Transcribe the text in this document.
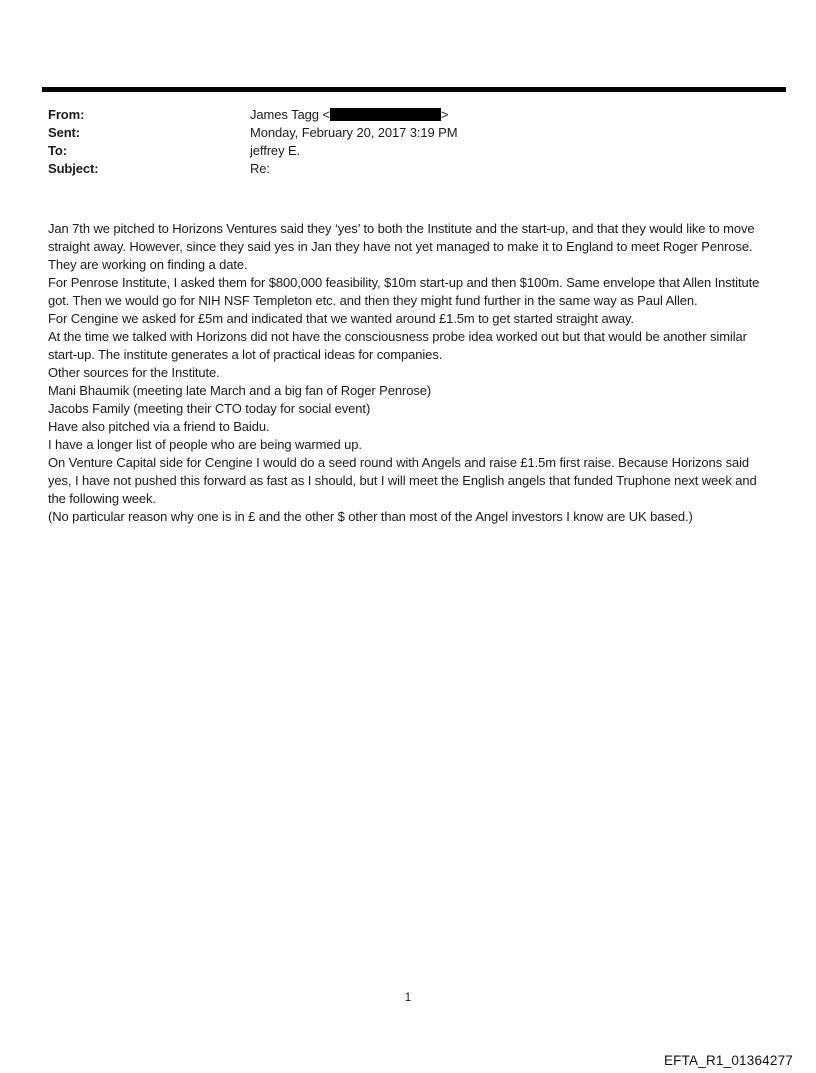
From:	James Tagg <	>
Sent:	Monday, February 20, 2017 3:19 PM
To:	jeffrey E.
Subject:	Re:

Jan 7th we pitched to Horizons Ventures said they ‘yes’ to both the Institute and the start-up, and that they would like to move straight away. However, since they said yes in Jan they have not yet managed to make it to England to meet Roger Penrose. They are working on finding a date.

For Penrose Institute, I asked them for $800,000 feasibility, $10m start-up and then $100m. Same envelope that Allen Institute got. Then we would go for NIH NSF Templeton etc. and then they might fund further in the same way as Paul Allen.

For Cengine we asked for £5m and indicated that we wanted around £1.5m to get started straight away.

At the time we talked with Horizons did not have the consciousness probe idea worked out but that would be another similar start-up. The institute generates a lot of practical ideas for companies.

Other sources for the Institute.

Mani Bhaumik (meeting late March and a big fan of Roger Penrose)

Jacobs Family (meeting their CTO today for social event)

Have also pitched via a friend to Baidu.

I have a longer list of people who are being warmed up.

On Venture Capital side for Cengine I would do a seed round with Angels and raise £1.5m first raise. Because Horizons said yes, I have not pushed this forward as fast as I should, but I will meet the English angels that funded Truphone next week and the following week.

(No particular reason why one is in £ and the other $ other than most of the Angel investors I know are UK based.)

1
EFTA_R1_01364277
